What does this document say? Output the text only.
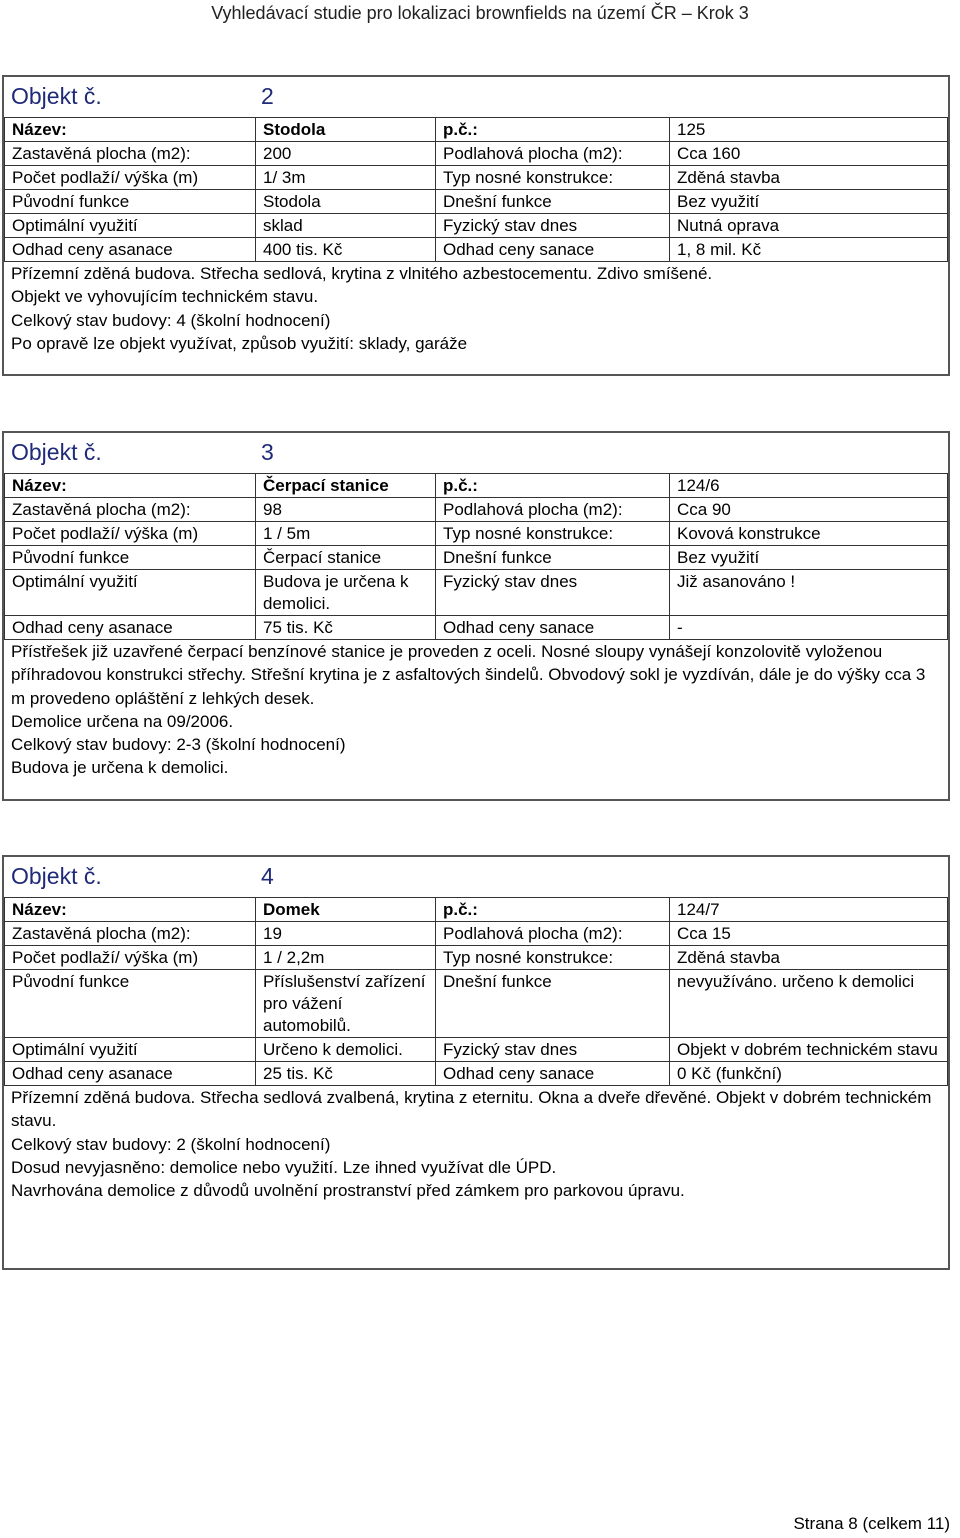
Vyhledávací studie pro lokalizaci brownfields na území ČR – Krok 3
Objekt č.	2
Název:	Stodola	p.č.:	125
Zastavěná plocha (m2):	200	Podlahová plocha (m2):	Cca 160
Počet podlaží/ výška (m)	1/ 3m	Typ nosné konstrukce:	Zděná stavba
Původní funkce	Stodola	Dnešní funkce	Bez využití
Optimální využití	sklad	Fyzický stav dnes	Nutná oprava
Odhad ceny asanace	400 tis. Kč	Odhad ceny sanace	1, 8 mil. Kč
Přízemní zděná budova. Střecha sedlová, krytina z vlnitého azbestocementu. Zdivo smíšené.
Objekt ve vyhovujícím technickém stavu.
Celkový stav budovy: 4 (školní hodnocení)
Po opravě lze objekt využívat, způsob využití: sklady, garáže
Objekt č.	3
Název:	Čerpací stanice	p.č.:	124/6
Zastavěná plocha (m2):	98	Podlahová plocha (m2):	Cca 90
Počet podlaží/ výška (m)	1 / 5m	Typ nosné konstrukce:	Kovová konstrukce
Původní funkce	Čerpací stanice	Dnešní funkce	Bez využití
Optimální využití	Budova je určena k demolici.	Fyzický stav dnes	Již asanováno !
Odhad ceny asanace	75 tis. Kč	Odhad ceny sanace	-
Přístřešek již uzavřené čerpací benzínové stanice je proveden z oceli. Nosné sloupy vynášejí konzolovitě vyloženou příhradovou konstrukci střechy. Střešní krytina je z asfaltových šindelů. Obvodový sokl je vyzdíván, dále je do výšky cca 3 m provedeno opláštění z lehkých desek.
Demolice určena na 09/2006.
Celkový stav budovy: 2-3 (školní hodnocení)
Budova je určena k demolici.
Objekt č.	4
Název:	Domek	p.č.:	124/7
Zastavěná plocha (m2):	19	Podlahová plocha (m2):	Cca 15
Počet podlaží/ výška (m)	1 / 2,2m	Typ nosné konstrukce:	Zděná stavba
Původní funkce	Příslušenství zařízení pro vážení automobilů.	Dnešní funkce	nevyužíváno. určeno k demolici
Optimální využití	Určeno k demolici.	Fyzický stav dnes	Objekt v dobrém technickém stavu
Odhad ceny asanace	25 tis. Kč	Odhad ceny sanace	0 Kč (funkční)
Přízemní zděná budova. Střecha sedlová zvalbená, krytina z eternitu. Okna a dveře dřevěné. Objekt v dobrém technickém stavu.
Celkový stav budovy: 2 (školní hodnocení)
Dosud nevyjasněno: demolice nebo využití. Lze ihned využívat dle ÚPD.
Navrhována demolice z důvodů uvolnění prostranství před zámkem pro parkovou úpravu.
Strana 8 (celkem 11)
